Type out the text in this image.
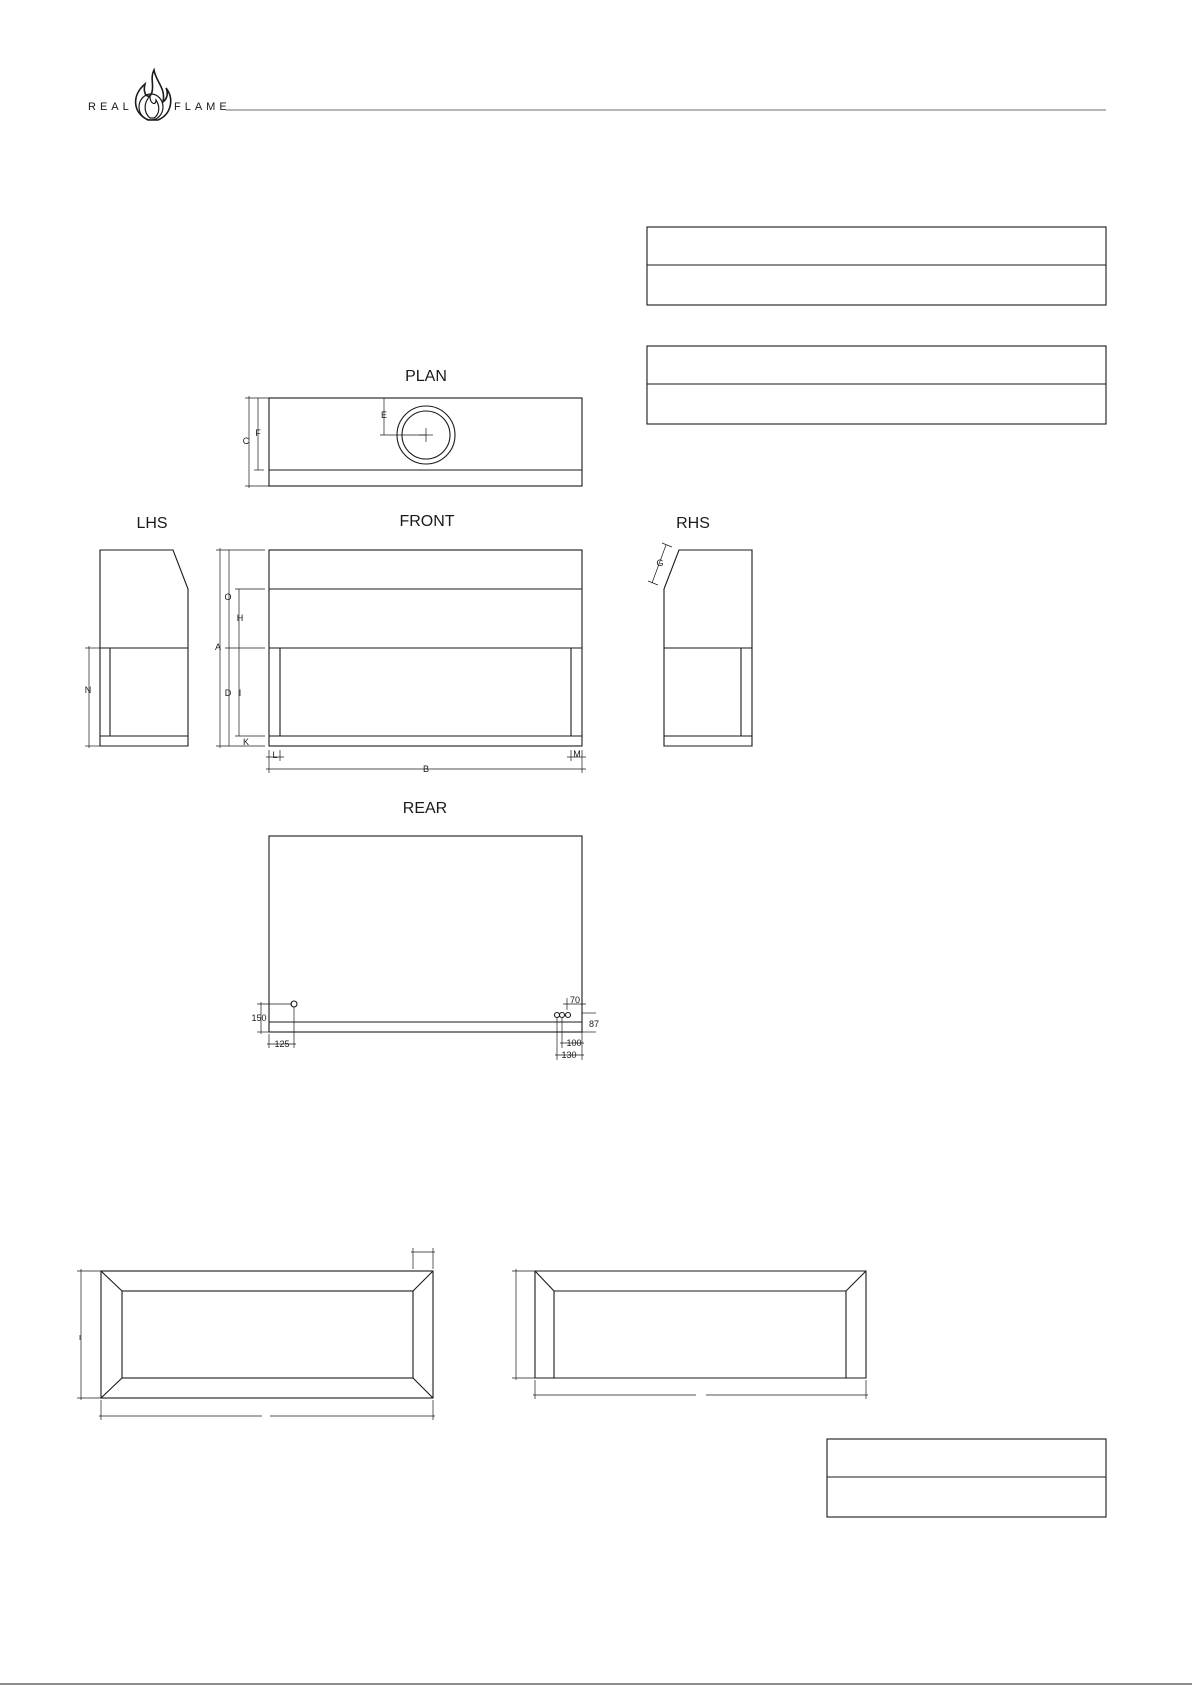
REAL	FLAME
PLAN
E
C
F
LHS
N
FRONT
A
O
D
H
I
K
B
L	M
RHS
G
REAR
150
125
70
87
100
130
